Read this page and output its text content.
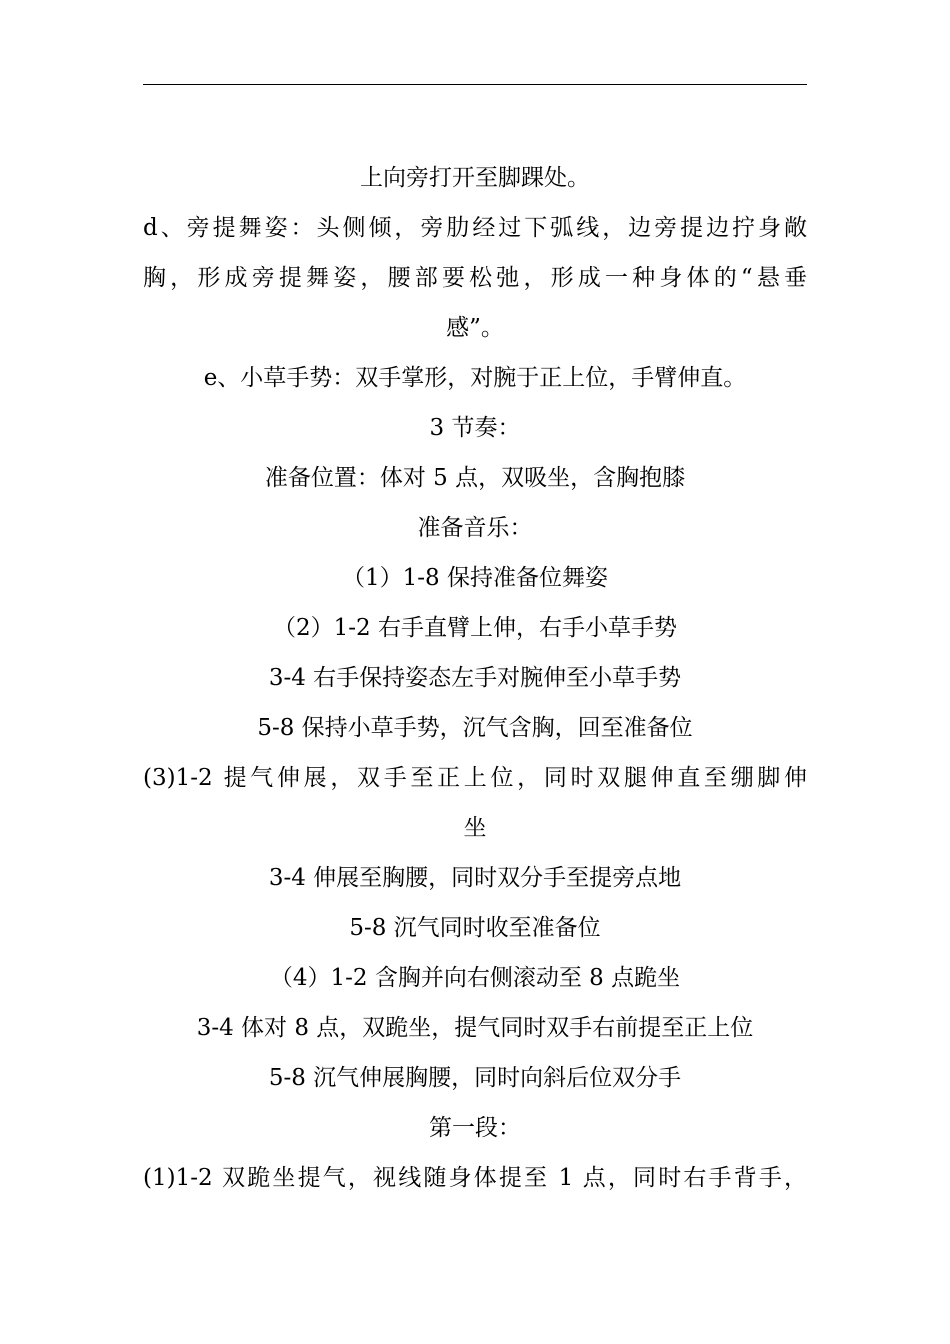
上向旁打开至脚踝处。
d、旁提舞姿：头侧倾，旁肋经过下弧线，边旁提边拧身敞
胸，形成旁提舞姿，腰部要松弛，形成一种身体的“悬垂
感”。
e、小草手势：双手掌形，对腕于正上位，手臂伸直。
3 节奏：
准备位置：体对 5 点，双吸坐，含胸抱膝
准备音乐：
（1）1-8 保持准备位舞姿
（2）1-2 右手直臂上伸，右手小草手势
3-4 右手保持姿态左手对腕伸至小草手势
5-8 保持小草手势，沉气含胸，回至准备位
(3)1-2 提气伸展，双手至正上位，同时双腿伸直至绷脚伸
坐
3-4 伸展至胸腰，同时双分手至提旁点地
5-8 沉气同时收至准备位
（4）1-2 含胸并向右侧滚动至 8 点跪坐
3-4 体对 8 点，双跪坐，提气同时双手右前提至正上位
5-8 沉气伸展胸腰，同时向斜后位双分手
第一段：
(1)1-2 双跪坐提气，视线随身体提至 1 点，同时右手背手，
